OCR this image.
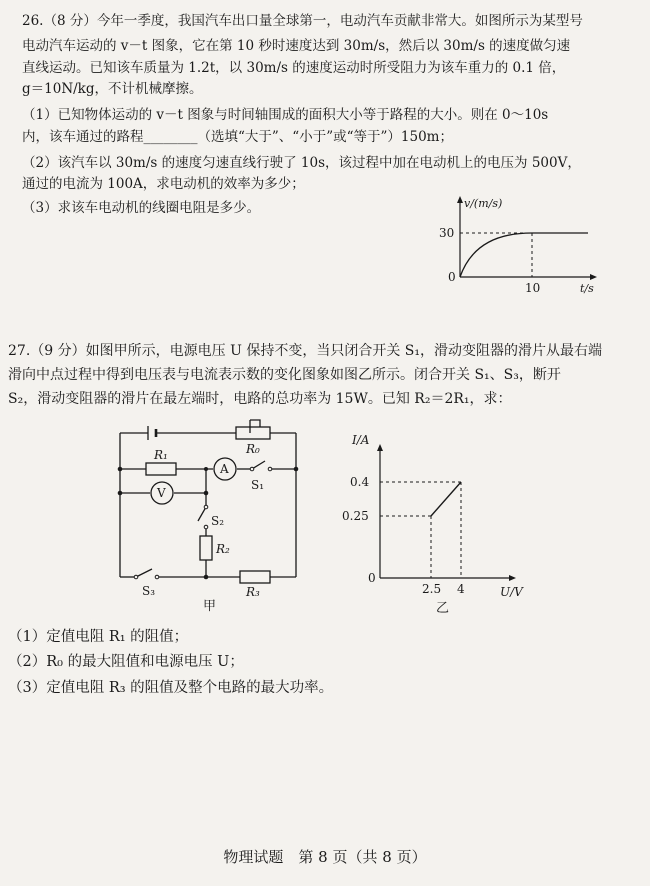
26.（8 分）今年一季度，我国汽车出口量全球第一，电动汽车贡献非常大。如图所示为某型号
电动汽车运动的 v－t 图象，它在第 10 秒时速度达到 30m/s，然后以 30m/s 的速度做匀速
直线运动。已知该车质量为 1.2t，以 30m/s 的速度运动时所受阻力为该车重力的 0.1 倍，
g＝10N/kg，不计机械摩擦。
（1）已知物体运动的 v－t 图象与时间轴围成的面积大小等于路程的大小。则在 0～10s
内，该车通过的路程________（选填“大于”、“小于”或“等于”）150m；
（2）该汽车以 30m/s 的速度匀速直线行驶了 10s，该过程中加在电动机上的电压为 500V，
通过的电流为 100A，求电动机的效率为多少；
（3）求该车电动机的线圈电阻是多少。	v/(m/s)
30
0
10	t/s
27.（9 分）如图甲所示，电源电压 U 保持不变，当只闭合开关 S₁，滑动变阻器的滑片从最右端
滑向中点过程中得到电压表与电流表示数的变化图象如图乙所示。闭合开关 S₁、S₃，断开
S₂，滑动变阻器的滑片在最左端时，电路的总功率为 15W。已知 R₂＝2R₁，求：
R₀
R₁
A
V
S₁
S₂
R₂
S₃	R₃
甲
I/A
0.4
0.25
0
2.5 4	U/V
乙
（1）定值电阻 R₁ 的阻值；
（2）R₀ 的最大阻值和电源电压 U；
（3）定值电阻 R₃ 的阻值及整个电路的最大功率。
物理试题　第 8 页（共 8 页）
